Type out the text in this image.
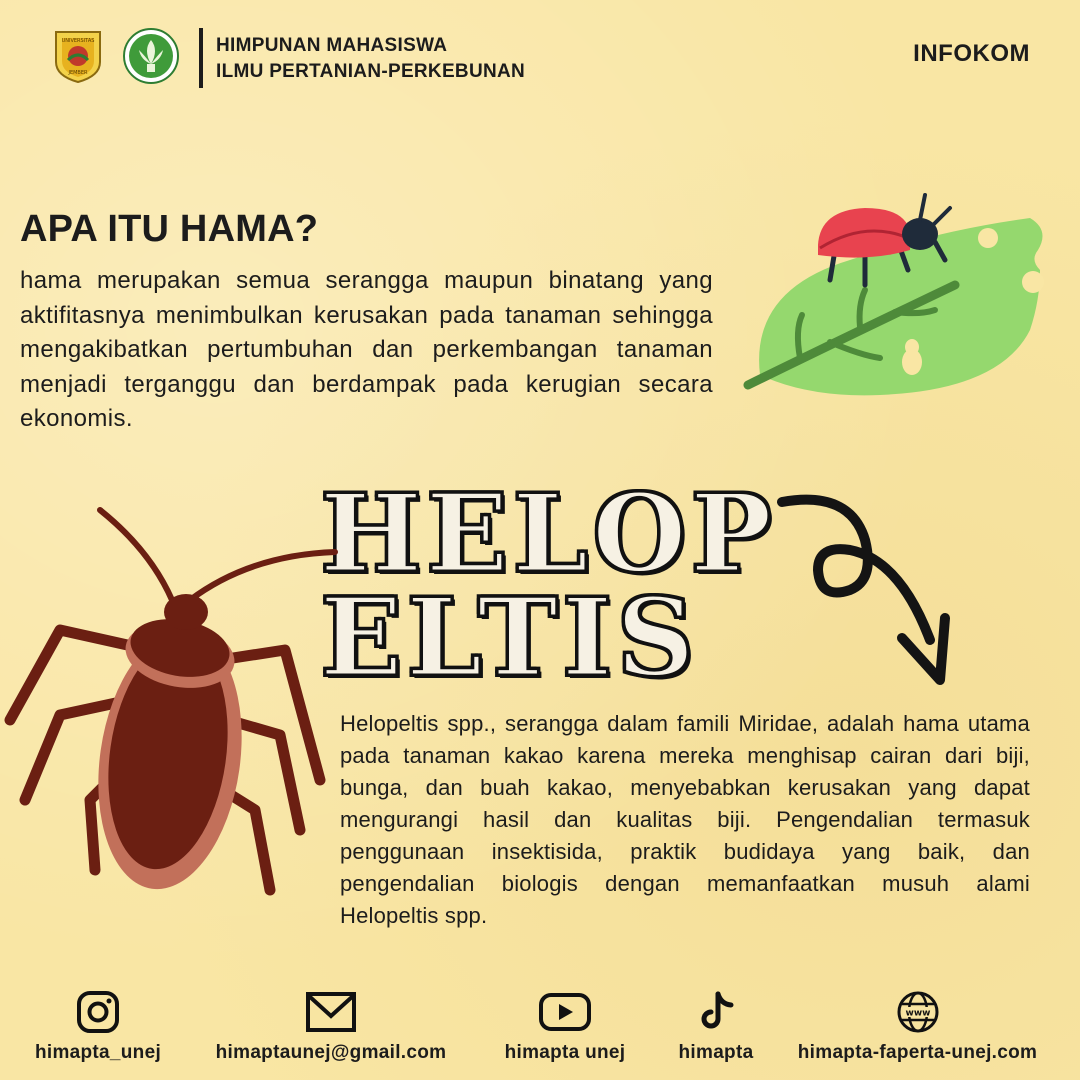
UNIVERSITAS
JEMBER
HIMPUNAN MAHASISWA
ILMU PERTANIAN-PERKEBUNAN
INFOKOM
APA ITU HAMA?
hama merupakan semua serangga maupun binatang yang aktifitasnya menimbulkan kerusakan pada tanaman sehingga mengakibatkan pertumbuhan dan perkembangan tanaman menjadi terganggu dan berdampak pada kerugian secara ekonomis.
HELOP
ELTIS
Helopeltis spp., serangga dalam famili Miridae, adalah hama utama pada tanaman kakao karena mereka menghisap cairan dari biji, bunga, dan buah kakao, menyebabkan kerusakan yang dapat mengurangi hasil dan kualitas biji. Pengendalian termasuk penggunaan insektisida, praktik budidaya yang baik, dan pengendalian biologis dengan memanfaatkan musuh alami Helopeltis spp.
himapta_unej	himaptaunej@gmail.com	himapta unej	himapta
www
himapta-faperta-unej.com
